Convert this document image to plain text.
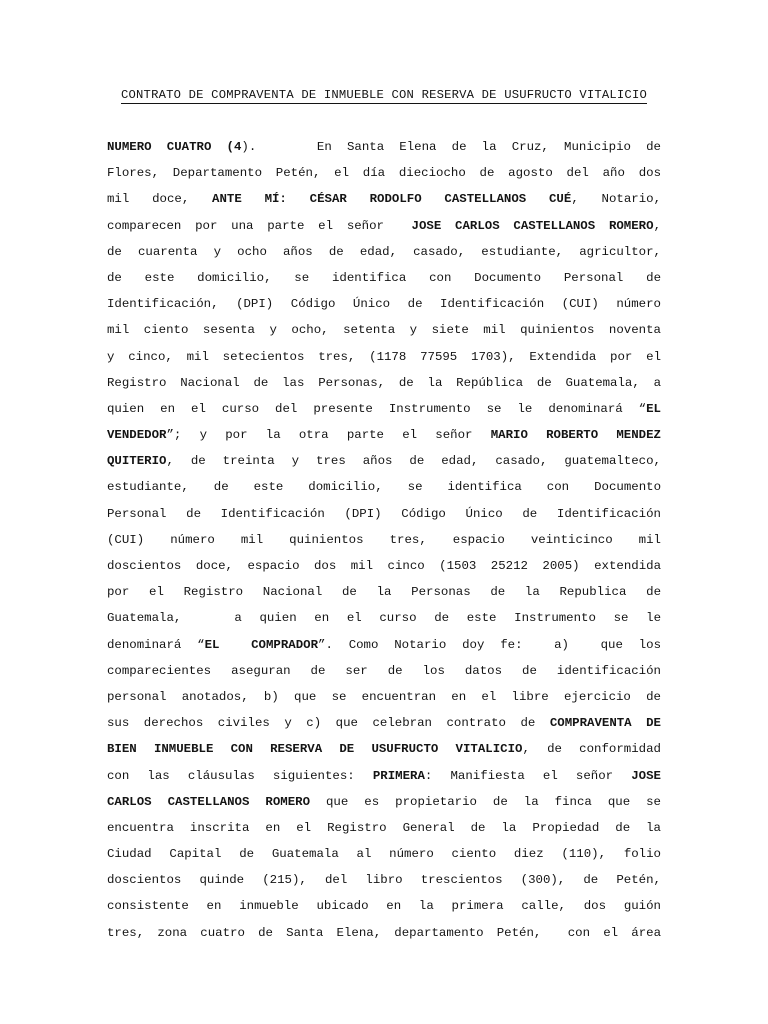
CONTRATO DE COMPRAVENTA DE INMUEBLE CON RESERVA DE USUFRUCTO VITALICIO
NUMERO CUATRO (4).    En Santa Elena de la Cruz, Municipio de
Flores, Departamento Petén, el día dieciocho de agosto del año dos
mil doce, ANTE MÍ: CÉSAR RODOLFO CASTELLANOS CUÉ, Notario,
comparecen por una parte el señor  JOSE CARLOS CASTELLANOS ROMERO,
de cuarenta y ocho años de edad, casado, estudiante, agricultor,
de este domicilio, se identifica con Documento Personal de
Identificación, (DPI) Código Único de Identificación (CUI) número
mil ciento sesenta y ocho, setenta y siete mil quinientos noventa
y cinco, mil setecientos tres, (1178 77595 1703), Extendida por el
Registro Nacional de las Personas, de la República de Guatemala, a
quien en el curso del presente Instrumento se le denominará “EL
VENDEDOR”; y por la otra parte el señor MARIO ROBERTO MENDEZ
QUITERIO, de treinta y tres años de edad, casado, guatemalteco,
estudiante, de este domicilio, se identifica con Documento
Personal de Identificación (DPI) Código Único de Identificación
(CUI) número mil quinientos tres, espacio veinticinco mil
doscientos doce, espacio dos mil cinco (1503 25212 2005) extendida
por el Registro Nacional de la Personas de la Republica de
Guatemala,   a quien en el curso de este Instrumento se le
denominará “EL  COMPRADOR”. Como Notario doy fe:  a)  que los
comparecientes aseguran de ser de los datos de identificación
personal anotados, b) que se encuentran en el libre ejercicio de
sus derechos civiles y c) que celebran contrato de COMPRAVENTA DE
BIEN INMUEBLE CON RESERVA DE USUFRUCTO VITALICIO, de conformidad
con las cláusulas siguientes: PRIMERA: Manifiesta el señor JOSE
CARLOS CASTELLANOS ROMERO que es propietario de la finca que se
encuentra inscrita en el Registro General de la Propiedad de la
Ciudad Capital de Guatemala al número ciento diez (110), folio
doscientos quinde (215), del libro trescientos (300), de Petén,
consistente en inmueble ubicado en la primera calle, dos guión
tres, zona cuatro de Santa Elena, departamento Petén,  con el área
